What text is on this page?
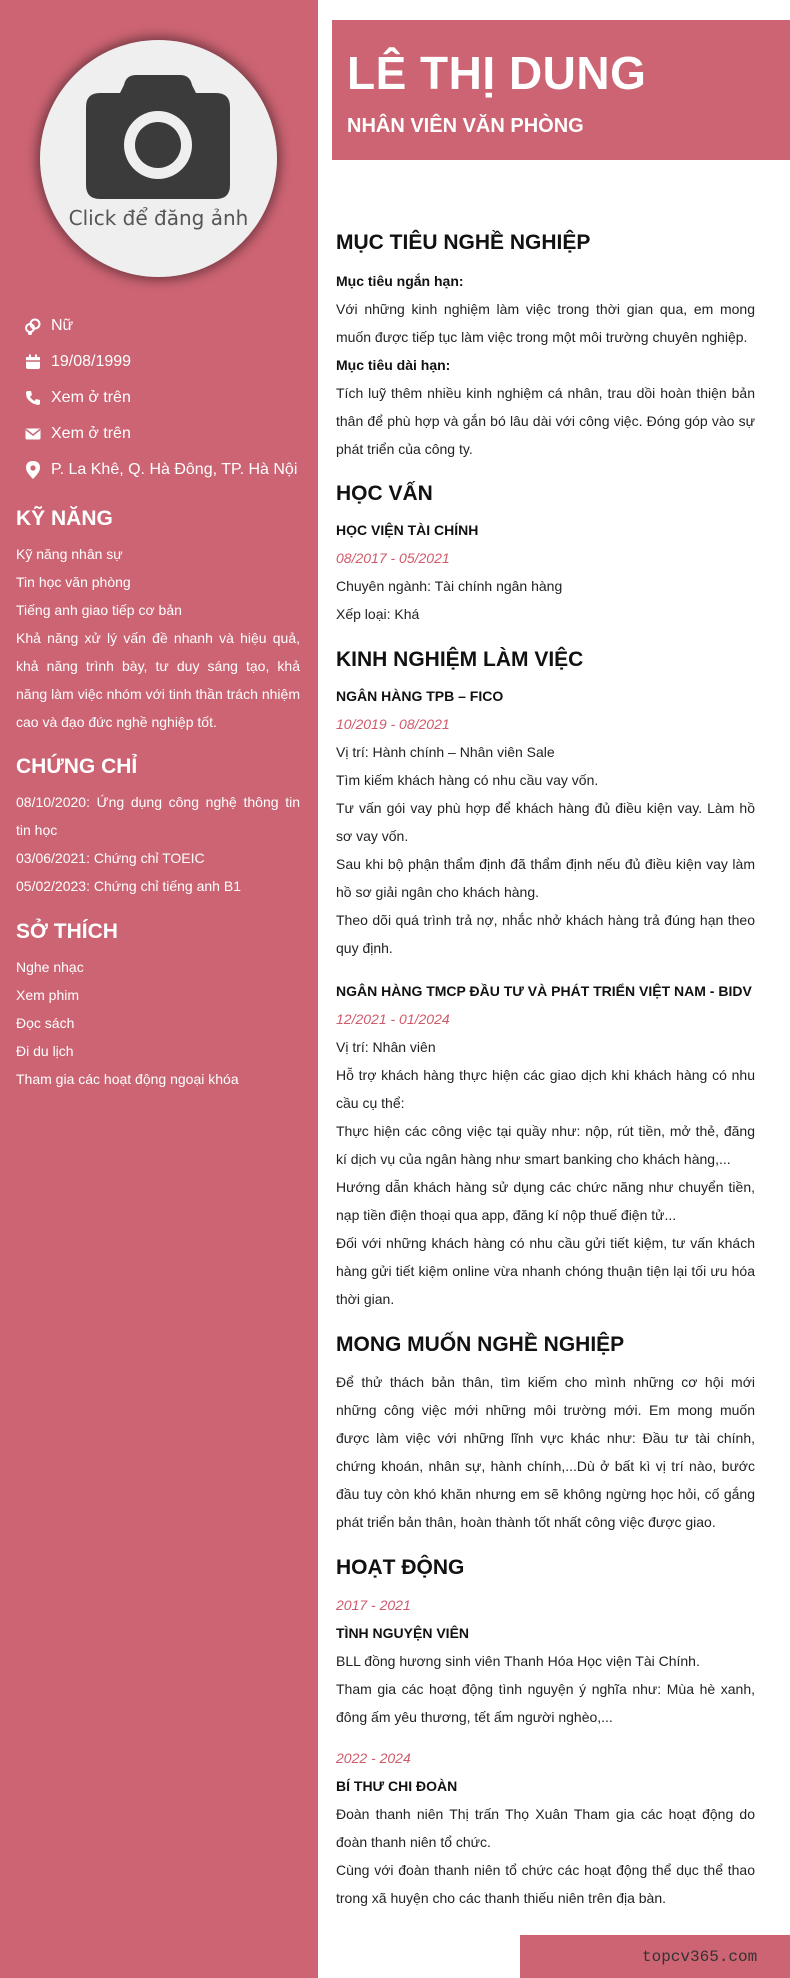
Click để đăng ảnh
Nữ
19/08/1999
Xem ở trên
Xem ở trên
P. La Khê, Q. Hà Đông, TP. Hà Nội
KỸ NĂNG
Kỹ năng nhân sự
Tin học văn phòng
Tiếng anh giao tiếp cơ bản
Khả năng xử lý vấn đề nhanh và hiệu quả, khả năng trình bày, tư duy sáng tạo, khả năng làm việc nhóm với tinh thần trách nhiệm cao và đạo đức nghề nghiệp tốt.
CHỨNG CHỈ
08/10/2020: Ứng dụng công nghệ thông tin tin học
03/06/2021: Chứng chỉ TOEIC
05/02/2023: Chứng chỉ tiếng anh B1
SỞ THÍCH
Nghe nhạc
Xem phim
Đọc sách
Đi du lịch
Tham gia các hoạt động ngoại khóa
LÊ THỊ DUNG
NHÂN VIÊN VĂN PHÒNG
MỤC TIÊU NGHỀ NGHIỆP
Mục tiêu ngắn hạn:
Với những kinh nghiệm làm việc trong thời gian qua, em mong muốn được tiếp tục làm việc trong một môi trường chuyên nghiệp.
Mục tiêu dài hạn:
Tích luỹ thêm nhiều kinh nghiệm cá nhân, trau dồi hoàn thiện bản thân để phù hợp và gắn bó lâu dài với công việc. Đóng góp vào sự phát triển của công ty.
HỌC VẤN
HỌC VIỆN TÀI CHÍNH
08/2017 - 05/2021
Chuyên ngành: Tài chính ngân hàng
Xếp loại: Khá
KINH NGHIỆM LÀM VIỆC
NGÂN HÀNG TPB – FICO
10/2019 - 08/2021
Vị trí: Hành chính – Nhân viên Sale
Tìm kiếm khách hàng có nhu cầu vay vốn.
Tư vấn gói vay phù hợp để khách hàng đủ điều kiện vay. Làm hồ sơ vay vốn.
Sau khi bộ phận thẩm định đã thẩm định nếu đủ điều kiện vay làm hồ sơ giải ngân cho khách hàng.
Theo dõi quá trình trả nợ, nhắc nhở khách hàng trả đúng hạn theo quy định.
NGÂN HÀNG TMCP ĐẦU TƯ VÀ PHÁT TRIỂN VIỆT NAM - BIDV
12/2021 - 01/2024
Vị trí: Nhân viên
Hỗ trợ khách hàng thực hiện các giao dịch khi khách hàng có nhu cầu cụ thể:
Thực hiện các công việc tại quầy như: nộp, rút tiền, mở thẻ, đăng kí dịch vụ của ngân hàng như smart banking cho khách hàng,...
Hướng dẫn khách hàng sử dụng các chức năng như chuyển tiền, nạp tiền điện thoại qua app, đăng kí nộp thuế điện tử...
Đối với những khách hàng có nhu cầu gửi tiết kiệm, tư vấn khách hàng gửi tiết kiệm online vừa nhanh chóng thuận tiện lại tối ưu hóa thời gian.
MONG MUỐN NGHỀ NGHIỆP
Để thử thách bản thân, tìm kiếm cho mình những cơ hội mới những công việc mới những môi trường mới. Em mong muốn được làm việc với những lĩnh vực khác như: Đầu tư tài chính, chứng khoán, nhân sự, hành chính,...Dù ở bất kì vị trí nào, bước đầu tuy còn khó khăn nhưng em sẽ không ngừng học hỏi, cố gắng phát triển bản thân, hoàn thành tốt nhất công việc được giao.
HOẠT ĐỘNG
2017 - 2021
TÌNH NGUYỆN VIÊN
BLL đồng hương sinh viên Thanh Hóa Học viện Tài Chính.
Tham gia các hoạt động tình nguyện ý nghĩa như: Mùa hè xanh, đông ấm yêu thương, tết ấm người nghèo,...
2022 - 2024
BÍ THƯ CHI ĐOÀN
Đoàn thanh niên Thị trấn Thọ Xuân Tham gia các hoạt động do đoàn thanh niên tổ chức.
Cùng với đoàn thanh niên tổ chức các hoạt động thể dục thể thao trong xã huyện cho các thanh thiếu niên trên địa bàn.
topcv365.com
